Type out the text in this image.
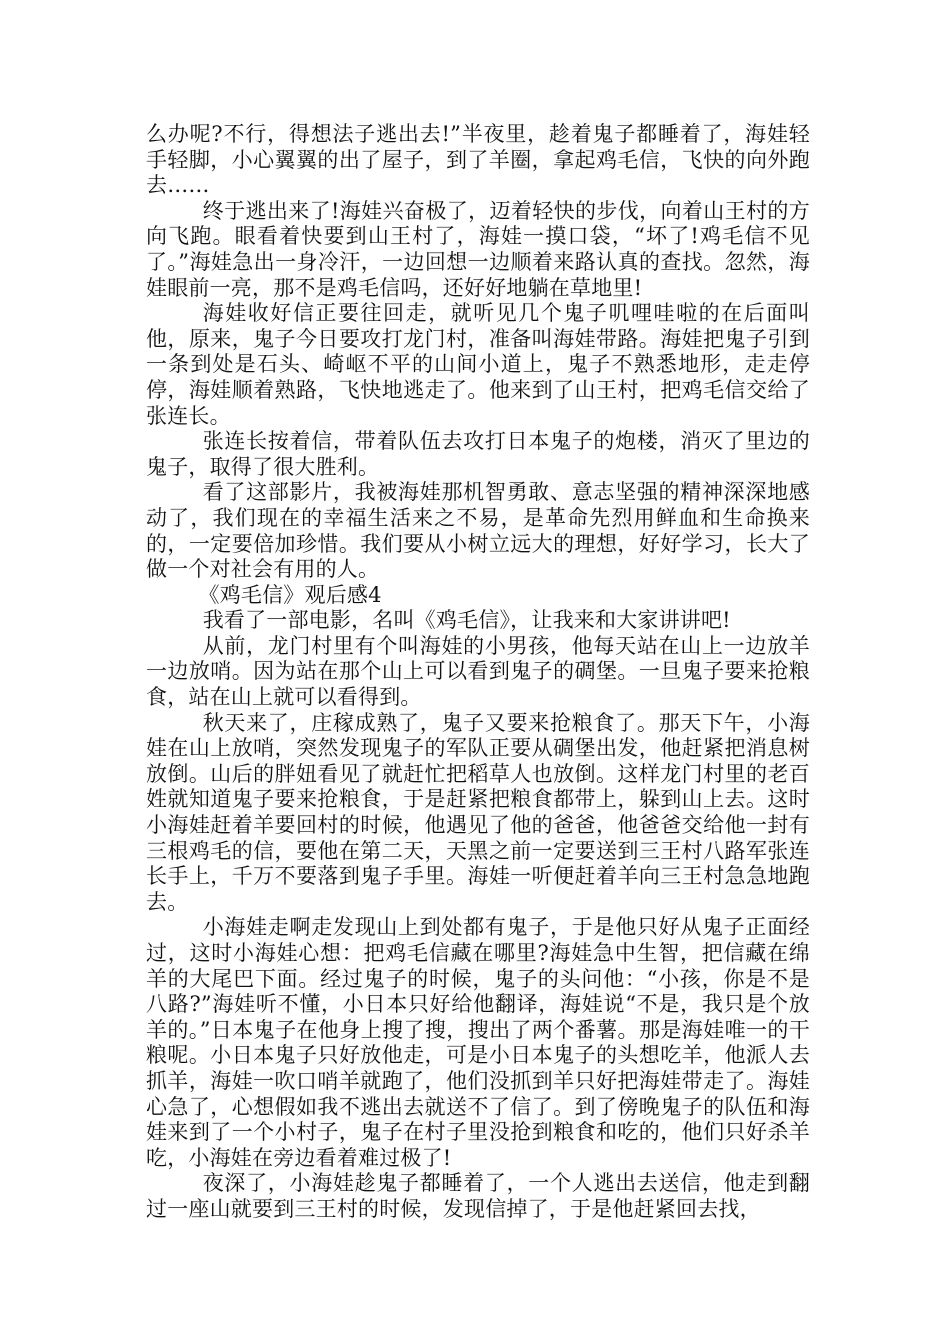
么办呢?不行，得想法子逃出去!”半夜里，趁着鬼子都睡着了，海娃轻手轻脚，小心翼翼的出了屋子，到了羊圈，拿起鸡毛信，飞快的向外跑去……

终于逃出来了!海娃兴奋极了，迈着轻快的步伐，向着山王村的方向飞跑。眼看着快要到山王村了，海娃一摸口袋，“坏了!鸡毛信不见了。”海娃急出一身冷汗，一边回想一边顺着来路认真的查找。忽然，海娃眼前一亮，那不是鸡毛信吗，还好好地躺在草地里!

海娃收好信正要往回走，就听见几个鬼子叽哩哇啦的在后面叫他，原来，鬼子今日要攻打龙门村，准备叫海娃带路。海娃把鬼子引到一条到处是石头、崎岖不平的山间小道上，鬼子不熟悉地形，走走停停，海娃顺着熟路，飞快地逃走了。他来到了山王村，把鸡毛信交给了张连长。

张连长按着信，带着队伍去攻打日本鬼子的炮楼，消灭了里边的鬼子，取得了很大胜利。

看了这部影片，我被海娃那机智勇敢、意志坚强的精神深深地感动了，我们现在的幸福生活来之不易，是革命先烈用鲜血和生命换来的，一定要倍加珍惜。我们要从小树立远大的理想，好好学习，长大了做一个对社会有用的人。

《鸡毛信》观后感4

我看了一部电影，名叫《鸡毛信》，让我来和大家讲讲吧!

从前，龙门村里有个叫海娃的小男孩，他每天站在山上一边放羊一边放哨。因为站在那个山上可以看到鬼子的碉堡。一旦鬼子要来抢粮食，站在山上就可以看得到。

秋天来了，庄稼成熟了，鬼子又要来抢粮食了。那天下午，小海娃在山上放哨，突然发现鬼子的军队正要从碉堡出发，他赶紧把消息树放倒。山后的胖妞看见了就赶忙把稻草人也放倒。这样龙门村里的老百姓就知道鬼子要来抢粮食，于是赶紧把粮食都带上，躲到山上去。这时小海娃赶着羊要回村的时候，他遇见了他的爸爸，他爸爸交给他一封有三根鸡毛的信，要他在第二天，天黑之前一定要送到三王村八路军张连长手上，千万不要落到鬼子手里。海娃一听便赶着羊向三王村急急地跑去。

小海娃走啊走发现山上到处都有鬼子，于是他只好从鬼子正面经过，这时小海娃心想：把鸡毛信藏在哪里?海娃急中生智，把信藏在绵羊的大尾巴下面。经过鬼子的时候，鬼子的头问他：“小孩，你是不是八路?”海娃听不懂，小日本只好给他翻译，海娃说“不是，我只是个放羊的。”日本鬼子在他身上搜了搜，搜出了两个番薯。那是海娃唯一的干粮呢。小日本鬼子只好放他走，可是小日本鬼子的头想吃羊，他派人去抓羊，海娃一吹口哨羊就跑了，他们没抓到羊只好把海娃带走了。海娃心急了，心想假如我不逃出去就送不了信了。到了傍晚鬼子的队伍和海娃来到了一个小村子，鬼子在村子里没抢到粮食和吃的，他们只好杀羊吃，小海娃在旁边看着难过极了!

夜深了，小海娃趁鬼子都睡着了，一个人逃出去送信，他走到翻过一座山就要到三王村的时候，发现信掉了，于是他赶紧回去找，
